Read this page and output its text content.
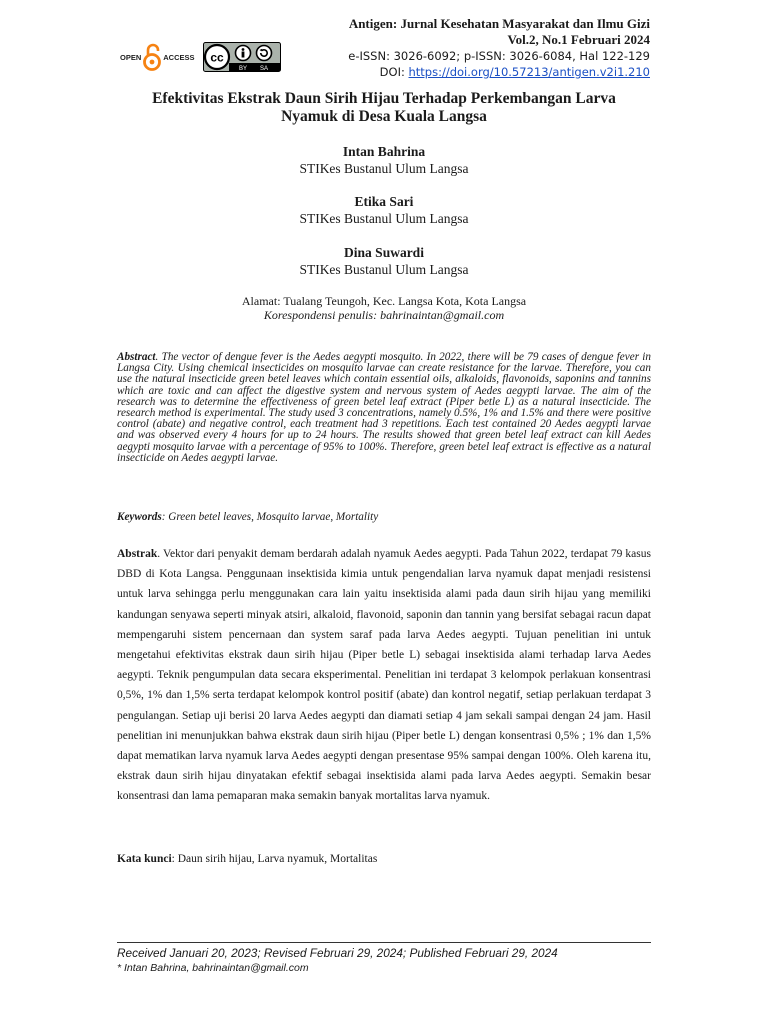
OPEN	ACCESS cc
BY SA
Antigen: Jurnal Kesehatan Masyarakat dan Ilmu Gizi
Vol.2, No.1 Februari 2024
e-ISSN: 3026-6092; p-ISSN: 3026-6084, Hal 122-129
DOI: https://doi.org/10.57213/antigen.v2i1.210
Efektivitas Ekstrak Daun Sirih Hijau Terhadap Perkembangan Larva
Nyamuk di Desa Kuala Langsa
Intan Bahrina
STIKes Bustanul Ulum Langsa
Etika Sari
STIKes Bustanul Ulum Langsa
Dina Suwardi
STIKes Bustanul Ulum Langsa
Alamat: Tualang Teungoh, Kec. Langsa Kota, Kota Langsa
Korespondensi penulis: bahrinaintan@gmail.com
Abstract. The vector of dengue fever is the Aedes aegypti mosquito. In 2022, there will be 79 cases of dengue fever in Langsa City. Using chemical insecticides on mosquito larvae can create resistance for the larvae. Therefore, you can use the natural insecticide green betel leaves which contain essential oils, alkaloids, flavonoids, saponins and tannins which are toxic and can affect the digestive system and nervous system of Aedes aegypti larvae. The aim of the research was to determine the effectiveness of green betel leaf extract (Piper betle L) as a natural insecticide. The research method is experimental. The study used 3 concentrations, namely 0.5%, 1% and 1.5% and there were positive control (abate) and negative control, each treatment had 3 repetitions. Each test contained 20 Aedes aegypti larvae and was observed every 4 hours for up to 24 hours. The results showed that green betel leaf extract can kill Aedes aegypti mosquito larvae with a percentage of 95% to 100%. Therefore, green betel leaf extract is effective as a natural insecticide on Aedes aegypti larvae.
Keywords: Green betel leaves, Mosquito larvae, Mortality
Abstrak. Vektor dari penyakit demam berdarah adalah nyamuk Aedes aegypti. Pada Tahun 2022, terdapat 79 kasus DBD di Kota Langsa. Penggunaan insektisida kimia untuk pengendalian larva nyamuk dapat menjadi resistensi untuk larva sehingga perlu menggunakan cara lain yaitu insektisida alami pada daun sirih hijau yang memiliki kandungan senyawa seperti minyak atsiri, alkaloid, flavonoid, saponin dan tannin yang bersifat sebagai racun dapat mempengaruhi sistem pencernaan dan system saraf pada larva Aedes aegypti. Tujuan penelitian ini untuk mengetahui efektivitas ekstrak daun sirih hijau (Piper betle L) sebagai insektisida alami terhadap larva Aedes aegypti. Teknik pengumpulan data secara eksperimental. Penelitian ini terdapat 3 kelompok perlakuan konsentrasi 0,5%, 1% dan 1,5% serta terdapat kelompok kontrol positif (abate) dan kontrol negatif, setiap perlakuan terdapat 3 pengulangan. Setiap uji berisi 20 larva Aedes aegypti dan diamati setiap 4 jam sekali sampai dengan 24 jam. Hasil penelitian ini menunjukkan bahwa ekstrak daun sirih hijau (Piper betle L) dengan konsentrasi 0,5% ; 1% dan 1,5% dapat mematikan larva nyamuk larva Aedes aegypti dengan presentase 95% sampai dengan 100%. Oleh karena itu, ekstrak daun sirih hijau dinyatakan efektif sebagai insektisida alami pada larva Aedes aegypti. Semakin besar konsentrasi dan lama pemaparan maka semakin banyak mortalitas larva nyamuk.
Kata kunci: Daun sirih hijau, Larva nyamuk, Mortalitas
Received Januari 20, 2023; Revised Februari 29, 2024; Published Februari 29, 2024
* Intan Bahrina, bahrinaintan@gmail.com
